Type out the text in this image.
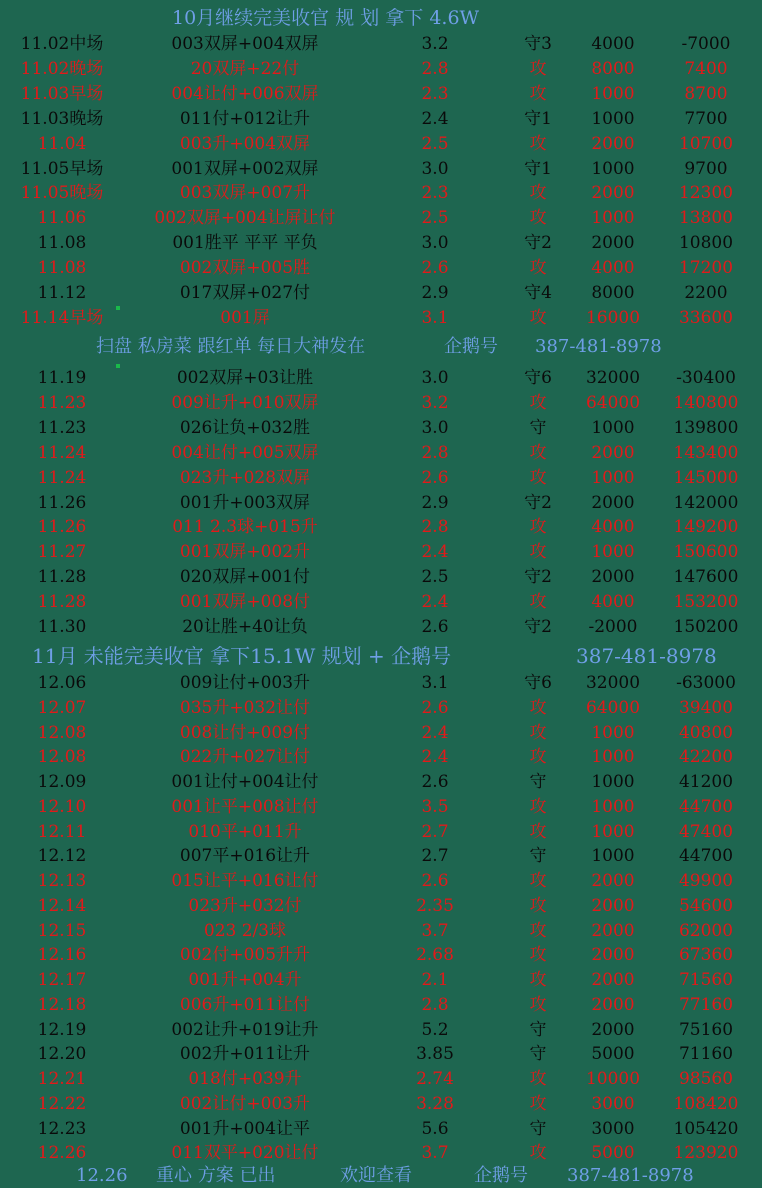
10月继续完美收官 规 划 拿下 4.6W
11.02中场	003双屏+004双屏	3.2	守3	4000	-7000
11.02晚场	20双屏+22付	2.8	攻	8000	7400
11.03早场	004让付+006双屏	2.3	攻	1000	8700
11.03晚场	011付+012让升	2.4	守1	1000	7700
11.04	003升+004双屏	2.5	攻	2000	10700
11.05早场	001双屏+002双屏	3.0	守1	1000	9700
11.05晚场	003双屏+007升	2.3	攻	2000	12300
11.06	002双屏+004让屏让付	2.5	攻	1000	13800
11.08	001胜平 平平 平负	3.0	守2	2000	10800
11.08	002双屏+005胜	2.6	攻	4000	17200
11.12	017双屏+027付	2.9	守4	8000	2200
11.14早场	001屏	3.1	攻	16000	33600
扫盘 私房菜 跟红单 每日大神发在	企鹅号 387-481-8978
11.19	002双屏+03让胜	3.0	守6	32000	-30400
11.23	009让升+010双屏	3.2	攻	64000	140800
11.23	026让负+032胜	3.0	守	1000	139800
11.24	004让付+005双屏	2.8	攻	2000	143400
11.24	023升+028双屏	2.6	攻	1000	145000
11.26	001升+003双屏	2.9	守2	2000	142000
11.26	011 2.3球+015升	2.8	攻	4000	149200
11.27	001双屏+002升	2.4	攻	1000	150600
11.28	020双屏+001付	2.5	守2	2000	147600
11.28	001双屏+008付	2.4	攻	4000	153200
11.30	20让胜+40让负	2.6	守2	-2000	150200
11月 未能完美收官 拿下15.1W 规划 + 企鹅号	387-481-8978
12.06	009让付+003升	3.1	守6	32000	-63000
12.07	035升+032让付	2.6	攻	64000	39400
12.08	008让付+009付	2.4	攻	1000	40800
12.08	022升+027让付	2.4	攻	1000	42200
12.09	001让付+004让付	2.6	守	1000	41200
12.10	001让平+008让付	3.5	攻	1000	44700
12.11	010平+011升	2.7	攻	1000	47400
12.12	007平+016让升	2.7	守	1000	44700
12.13	015让平+016让付	2.6	攻	2000	49900
12.14	023升+032付	2.35	攻	2000	54600
12.15	023 2/3球	3.7	攻	2000	62000
12.16	002付+005升升	2.68	攻	2000	67360
12.17	001升+004升	2.1	攻	2000	71560
12.18	006升+011让付	2.8	攻	2000	77160
12.19	002让升+019让升	5.2	守	2000	75160
12.20	002升+011让升	3.85	守	5000	71160
12.21	018付+039升	2.74	攻	10000	98560
12.22	002让付+003升	3.28	攻	3000	108420
12.23	001升+004让平	5.6	守	3000	105420
12.26	011双平+020让付	3.7	攻	5000	123920
12.26 重心 方案 已出	欢迎查看	企鹅号 387-481-8978
